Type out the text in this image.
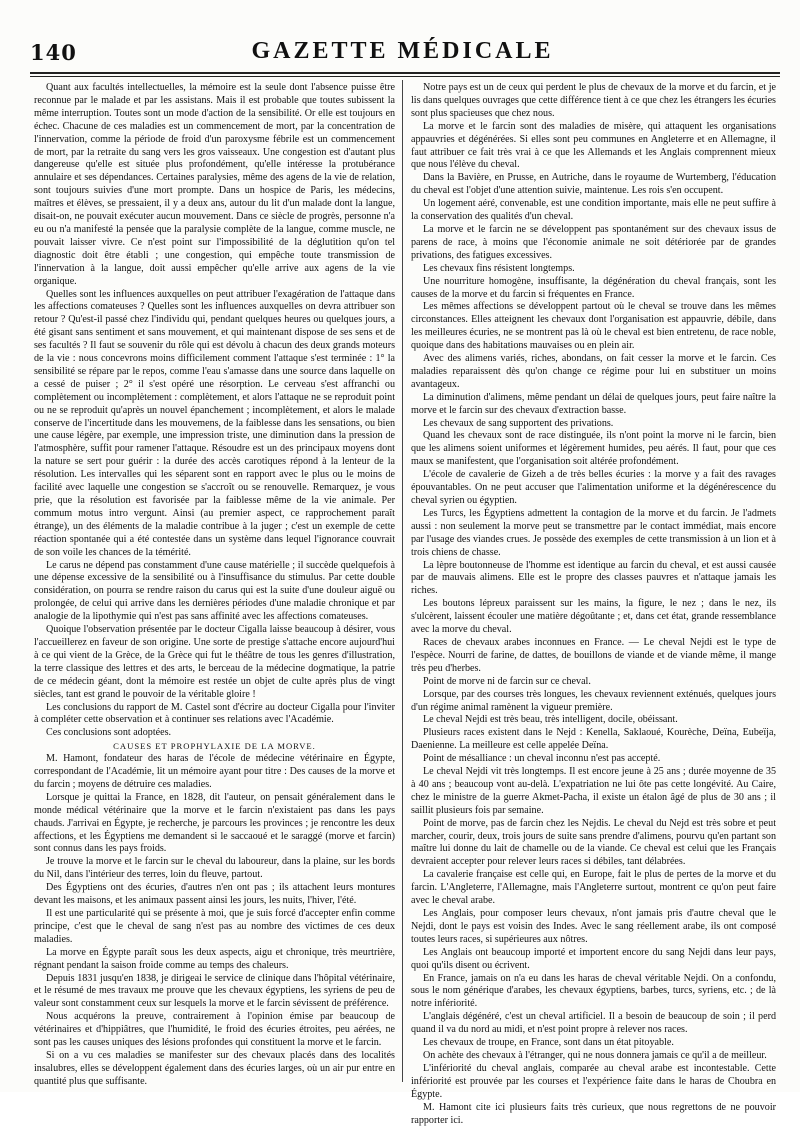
140	GAZETTE MÉDICALE

Quant aux facultés intellectuelles, la mémoire est la seule dont l'absence puisse être reconnue par le malade et par les assistans. Mais il est probable que toutes subissent la même interruption. Toutes sont un mode d'action de la sensibilité. Or elle est toujours en échec. Chacune de ces maladies est un commencement de mort, par la concentration de l'innervation, comme la période de froid d'un paroxysme fébrile est un commencement de mort, par la retraite du sang vers les gros vaisseaux. Une congestion est d'autant plus dangereuse qu'elle est située plus profondément, qu'elle intéresse la protubérance annulaire et ses dépendances. Certaines paralysies, même des agens de la vie de relation, sont toujours suivies d'une mort prompte. Dans un hospice de Paris, les médecins, maîtres et élèves, se pressaient, il y a deux ans, autour du lit d'un malade dont la langue, disait-on, ne pouvait exécuter aucun mouvement. Dans ce siècle de progrès, personne n'a eu ou n'a manifesté la pensée que la paralysie complète de la langue, comme muscle, ne pouvait laisser vivre. Ce n'est point sur l'impossibilité de la déglutition qu'on tel diagnostic doit être établi ; une congestion, qui empêche toute transmission de l'innervation à la langue, doit aussi empêcher qu'elle arrive aux agens de la vie organique.

Quelles sont les influences auxquelles on peut attribuer l'exagération de l'attaque dans les affections comateuses ? Quelles sont les influences auxquelles on devra attribuer son retour ? Qu'est-il passé chez l'individu qui, pendant quelques heures ou quelques jours, a été gisant sans sentiment et sans mouvement, et qui maintenant dispose de ses sens et de ses facultés ? Il faut se souvenir du rôle qui est dévolu à chacun des deux grands moteurs de la vie : nous concevrons moins difficilement comment l'attaque s'est terminée : 1° la sensibilité se répare par le repos, comme l'eau s'amasse dans une source dans laquelle on a cessé de puiser ; 2° il s'est opéré une résorption. Le cerveau s'est affranchi ou complètement ou incomplètement : complètement, et alors l'attaque ne se reproduit point ou ne se reproduit qu'après un nouvel épanchement ; incomplètement, et alors le malade conserve de l'incertitude dans les mouvemens, de la faiblesse dans les sensations, ou bien une cause légère, par exemple, une impression triste, une diminution dans la pression de l'atmosphère, suffit pour ramener l'attaque. Résoudre est un des principaux moyens dont la nature se sert pour guérir : la durée des accès carotiques répond à la lenteur de la résolution. Les intervalles qui les séparent sont en rapport avec le plus ou le moins de facilité avec laquelle une congestion se s'accroît ou se renouvelle. Remarquez, je vous prie, que la résolution est favorisée par la faiblesse même de la vie animale. Per commum motus intro vergunt. Ainsi (au premier aspect, ce rapprochement paraît étrange), un des éléments de la maladie contribue à la juger ; c'est un exemple de cette réaction spontanée qui a été contestée dans un système dans lequel l'ignorance couvrait de son voile les chances de la témérité.

Le carus ne dépend pas constamment d'une cause matérielle ; il succède quelquefois à une dépense excessive de la sensibilité ou à l'insuffisance du stimulus. Par cette double considération, on pourra se rendre raison du carus qui est la suite d'une douleur aiguë ou prolongée, de celui qui arrive dans les dernières périodes d'une maladie chronique et par analogie de la lipothymie qui n'est pas sans affinité avec les affections comateuses.

Quoique l'observation présentée par le docteur Cigalla laisse beaucoup à désirer, vous l'accueillerez en faveur de son origine. Une sorte de prestige s'attache encore aujourd'hui à ce qui vient de la Grèce, de la Grèce qui fut le théâtre de tous les genres d'illustration, la terre classique des lettres et des arts, le berceau de la médecine dogmatique, la patrie de ce médecin géant, dont la mémoire est restée un objet de culte après plus de vingt siècles, tant est grand le pouvoir de la véritable gloire !

Les conclusions du rapport de M. Castel sont d'écrire au docteur Cigalla pour l'inviter à compléter cette observation et à continuer ses relations avec l'Académie.

Ces conclusions sont adoptées.

CAUSES ET PROPHYLAXIE DE LA MORVE.

M. Hamont, fondateur des haras de l'école de médecine vétérinaire en Égypte, correspondant de l'Académie, lit un mémoire ayant pour titre : Des causes de la morve et du farcin ; moyens de détruire ces maladies.

Lorsque je quittai la France, en 1828, dit l'auteur, on pensait généralement dans le monde médical vétérinaire que la morve et le farcin n'existaient pas dans les pays chauds. J'arrivai en Égypte, je recherche, je parcours les provinces ; je rencontre les deux affections, et les Égyptiens me demandent si le saccaoué et le saraggé (morve et farcin) sont connus dans les pays froids.

Je trouve la morve et le farcin sur le cheval du laboureur, dans la plaine, sur les bords du Nil, dans l'intérieur des terres, loin du fleuve, partout.

Des Égyptiens ont des écuries, d'autres n'en ont pas ; ils attachent leurs montures devant les maisons, et les animaux passent ainsi les jours, les nuits, l'hiver, l'été.

Il est une particularité qui se présente à moi, que je suis forcé d'accepter enfin comme principe, c'est que le cheval de sang n'est pas au nombre des victimes de ces deux maladies.

La morve en Égypte paraît sous les deux aspects, aigu et chronique, très meurtrière, régnant pendant la saison froide comme au temps des chaleurs.

Depuis 1831 jusqu'en 1838, je dirigeai le service de clinique dans l'hôpital vétérinaire, et le résumé de mes travaux me prouve que les chevaux égyptiens, les syriens de peu de valeur sont constamment ceux sur lesquels la morve et le farcin sévissent de préférence.

Nous acquérons la preuve, contrairement à l'opinion émise par beaucoup de vétérinaires et d'hippiâtres, que l'humidité, le froid des écuries étroites, peu aérées, ne sont pas les causes uniques des lésions profondes qui constituent la morve et le farcin.

Si on a vu ces maladies se manifester sur des chevaux placés dans des localités insalubres, elles se développent également dans des écuries larges, où un air pur entre en quantité plus que suffisante.

Notre pays est un de ceux qui perdent le plus de chevaux de la morve et du farcin, et je lis dans quelques ouvrages que cette différence tient à ce que chez les étrangers les écuries sont plus spacieuses que chez nous.

La morve et le farcin sont des maladies de misère, qui attaquent les organisations appauvries et dégénérées. Si elles sont peu communes en Angleterre et en Allemagne, il faut attribuer ce fait très vrai à ce que les Allemands et les Anglais comprennent mieux que nous l'élève du cheval.

Dans la Bavière, en Prusse, en Autriche, dans le royaume de Wurtemberg, l'éducation du cheval est l'objet d'une attention suivie, maintenue. Les rois s'en occupent.

Un logement aéré, convenable, est une condition importante, mais elle ne peut suffire à la conservation des qualités d'un cheval.

La morve et le farcin ne se développent pas spontanément sur des chevaux issus de parens de race, à moins que l'économie animale ne soit détériorée par de grandes privations, des fatigues excessives.

Les chevaux fins résistent longtemps.

Une nourriture homogène, insuffisante, la dégénération du cheval français, sont les causes de la morve et du farcin si fréquentes en France.

Les mêmes affections se développent partout où le cheval se trouve dans les mêmes circonstances. Elles atteignent les chevaux dont l'organisation est appauvrie, débile, dans les meilleures écuries, ne se montrent pas là où le cheval est bien entretenu, de race noble, quoique dans des habitations mauvaises ou en plein air.

Avec des alimens variés, riches, abondans, on fait cesser la morve et le farcin. Ces maladies reparaissent dès qu'on change ce régime pour lui en substituer un moins avantageux.

La diminution d'alimens, même pendant un délai de quelques jours, peut faire naître la morve et le farcin sur des chevaux d'extraction basse.

Les chevaux de sang supportent des privations.

Quand les chevaux sont de race distinguée, ils n'ont point la morve ni le farcin, bien que les alimens soient uniformes et légèrement humides, peu aérés. Il faut, pour que ces maux se manifestent, que l'organisation soit altérée profondément.

L'école de cavalerie de Gizeh a de très belles écuries : la morve y a fait des ravages épouvantables. On ne peut accuser que l'alimentation uniforme et la dégénérescence du cheval syrien ou égyptien.

Les Turcs, les Égyptiens admettent la contagion de la morve et du farcin. Je l'admets aussi : non seulement la morve peut se transmettre par le contact immédiat, mais encore par l'usage des viandes crues. Je possède des exemples de cette transmission à un lion et à trois chiens de chasse.

La lèpre boutonneuse de l'homme est identique au farcin du cheval, et est aussi causée par de mauvais alimens. Elle est le propre des classes pauvres et n'attaque jamais les riches.

Les boutons lépreux paraissent sur les mains, la figure, le nez ; dans le nez, ils s'ulcèrent, laissent écouler une matière dégoûtante ; et, dans cet état, grande ressemblance avec la morve du cheval.

Races de chevaux arabes inconnues en France. — Le cheval Nejdi est le type de l'espèce. Nourri de farine, de dattes, de bouillons de viande et de viande même, il mange très peu d'herbes.

Point de morve ni de farcin sur ce cheval.

Lorsque, par des courses très longues, les chevaux reviennent exténués, quelques jours d'un régime animal ramènent la vigueur première.

Le cheval Nejdi est très beau, très intelligent, docile, obéissant.

Plusieurs races existent dans le Nejd : Kenella, Saklaoué, Kourèche, Deïna, Eubeïja, Daenienne. La meilleure est celle appelée Deïna.

Point de mésalliance : un cheval inconnu n'est pas accepté.

Le cheval Nejdi vit très longtemps. Il est encore jeune à 25 ans ; durée moyenne de 35 à 40 ans ; beaucoup vont au-delà. L'expatriation ne lui ôte pas cette longévité. Au Caire, chez le ministre de la guerre Akmet-Pacha, il existe un étalon âgé de plus de 30 ans ; il saillit plusieurs fois par semaine.

Point de morve, pas de farcin chez les Nejdis. Le cheval du Nejd est très sobre et peut marcher, courir, deux, trois jours de suite sans prendre d'alimens, pourvu qu'en partant son maître lui donne du lait de chamelle ou de la viande. Ce cheval est celui que les Français devraient accepter pour relever leurs races si débiles, tant délabrées.

La cavalerie française est celle qui, en Europe, fait le plus de pertes de la morve et du farcin. L'Angleterre, l'Allemagne, mais l'Angleterre surtout, montrent ce qu'on peut faire avec le cheval arabe.

Les Anglais, pour composer leurs chevaux, n'ont jamais pris d'autre cheval que le Nejdi, dont le pays est voisin des Indes. Avec le sang réellement arabe, ils ont composé toutes leurs races, si supérieures aux nôtres.

Les Anglais ont beaucoup importé et importent encore du sang Nejdi dans leur pays, quoi qu'ils disent ou écrivent.

En France, jamais on n'a eu dans les haras de cheval véritable Nejdi. On a confondu, sous le nom générique d'arabes, les chevaux égyptiens, barbes, turcs, syriens, etc. ; de là notre infériorité.

L'anglais dégénéré, c'est un cheval artificiel. Il a besoin de beaucoup de soin ; il perd quand il va du nord au midi, et n'est point propre à relever nos races.

Les chevaux de troupe, en France, sont dans un état pitoyable.

On achète des chevaux à l'étranger, qui ne nous donnera jamais ce qu'il a de meilleur.

L'infériorité du cheval anglais, comparée au cheval arabe est incontestable. Cette infériorité est prouvée par les courses et l'expérience faite dans le haras de Choubra en Égypte.

M. Hamont cite ici plusieurs faits très curieux, que nous regrettons de ne pouvoir rapporter ici.
